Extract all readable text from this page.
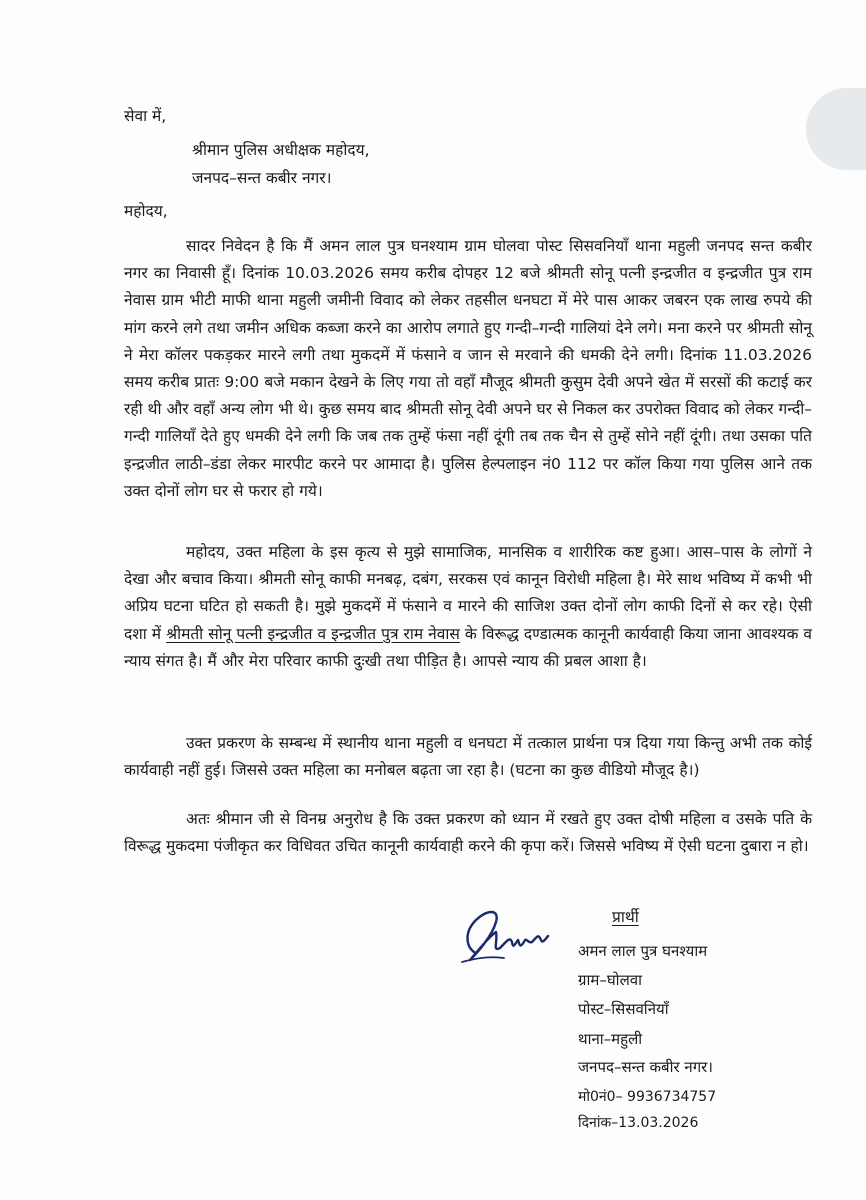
सेवा में,
श्रीमान पुलिस अधीक्षक महोदय,
जनपद–सन्त कबीर नगर।
महोदय,

सादर निवेदन है कि मैं अमन लाल पुत्र घनश्याम ग्राम घोलवा पोस्ट सिसवनियाँ थाना महुली जनपद सन्त कबीर नगर का निवासी हूँ। दिनांक 10.03.2026 समय करीब दोपहर 12 बजे श्रीमती सोनू पत्नी इन्द्रजीत व इन्द्रजीत पुत्र राम नेवास ग्राम भीटी माफी थाना महुली जमीनी विवाद को लेकर तहसील धनघटा में मेरे पास आकर जबरन एक लाख रुपये की मांग करने लगे तथा जमीन अधिक कब्जा करने का आरोप लगाते हुए गन्दी–गन्दी गालियां देने लगे। मना करने पर श्रीमती सोनू ने मेरा कॉलर पकड़कर मारने लगी तथा मुकदमें में फंसाने व जान से मरवाने की धमकी देने लगी। दिनांक 11.03.2026 समय करीब प्रातः 9:00 बजे मकान देखने के लिए गया तो वहाँ मौजूद श्रीमती कुसुम देवी अपने खेत में सरसों की कटाई कर रही थी और वहाँ अन्य लोग भी थे। कुछ समय बाद श्रीमती सोनू देवी अपने घर से निकल कर उपरोक्त विवाद को लेकर गन्दी–गन्दी गालियाँ देते हुए धमकी देने लगी कि जब तक तुम्हें फंसा नहीं दूंगी तब तक चैन से तुम्हें सोने नहीं दूंगी। तथा उसका पति इन्द्रजीत लाठी–डंडा लेकर मारपीट करने पर आमादा है। पुलिस हेल्पलाइन नं0 112 पर कॉल किया गया पुलिस आने तक उक्त दोनों लोग घर से फरार हो गये।

महोदय, उक्त महिला के इस कृत्य से मुझे सामाजिक, मानसिक व शारीरिक कष्ट हुआ। आस–पास के लोगों ने देखा और बचाव किया। श्रीमती सोनू काफी मनबढ़, दबंग, सरकस एवं कानून विरोधी महिला है। मेरे साथ भविष्य में कभी भी अप्रिय घटना घटित हो सकती है। मुझे मुकदमें में फंसाने व मारने की साजिश उक्त दोनों लोग काफी दिनों से कर रहे। ऐसी दशा में श्रीमती सोनू पत्नी इन्द्रजीत व इन्द्रजीत पुत्र राम नेवास के विरूद्ध दण्डात्मक कानूनी कार्यवाही किया जाना आवश्यक व न्याय संगत है। मैं और मेरा परिवार काफी दुःखी तथा पीड़ित है। आपसे न्याय की प्रबल आशा है।

उक्त प्रकरण के सम्बन्ध में स्थानीय थाना महुली व धनघटा में तत्काल प्रार्थना पत्र दिया गया किन्तु अभी तक कोई कार्यवाही नहीं हुई। जिससे उक्त महिला का मनोबल बढ़ता जा रहा है। (घटना का कुछ वीडियो मौजूद है।)

अतः श्रीमान जी से विनम्र अनुरोध है कि उक्त प्रकरण को ध्यान में रखते हुए उक्त दोषी महिला व उसके पति के विरूद्ध मुकदमा पंजीकृत कर विधिवत उचित कानूनी कार्यवाही करने की कृपा करें। जिससे भविष्य में ऐसी घटना दुबारा न हो।

प्रार्थी
अमन लाल पुत्र घनश्याम
ग्राम–घोलवा
पोस्ट–सिसवनियाँ
थाना–महुली
जनपद–सन्त कबीर नगर।
मो0नं0– 9936734757
दिनांक–13.03.2026
